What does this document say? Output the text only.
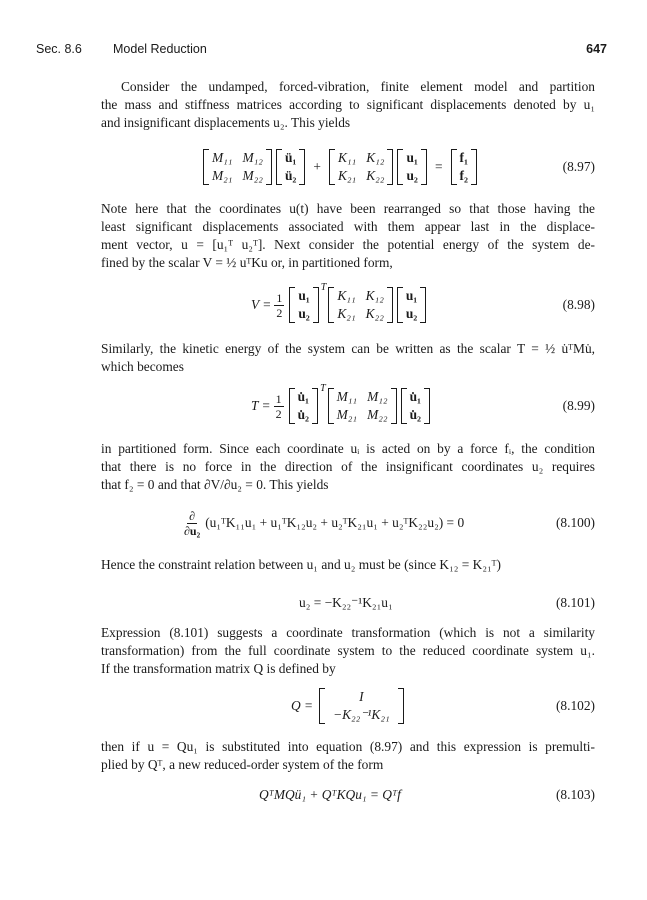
Sec. 8.6 Model Reduction	647

Consider the undamped, forced-vibration, finite element model and partition
the mass and stiffness matrices according to significant displacements denoted by u₁
and insignificant displacements u₂. This yields

M₁₁ M₁₂
M₂₁ M₂₂
ü₁
ü₂
+
K₁₁ K₁₂
K₂₁ K₂₂
u₁
u₂
=
f₁
f₂
(8.97)

Note here that the coordinates u(t) have been rearranged so that those having the
least significant displacements associated with them appear last in the displace-
ment vector, u = [u₁ᵀ u₂ᵀ]. Next consider the potential energy of the system de-
fined by the scalar V = ½ uᵀKu or, in partitioned form,

$V = \frac{1}{2} u_1$
u₂
$^T$
K₁₁ K₁₂
K₂₁ K₂₂
u₁
u₂
(8.98)

Similarly, the kinetic energy of the system can be written as the scalar T = ½ u̇ᵀMu̇,
which becomes

$T = \frac{1}{2}$ u̇₁
u̇₂
$^T$
M₁₁ M₁₂
M₂₁ M₂₂
u̇₁
u̇₂
(8.99)

in partitioned form. Since each coordinate uᵢ is acted on by a force fᵢ, the condition
that there is no force in the direction of the insignificant coordinates u₂ requires
that f₂ = 0 and that ∂V/∂u₂ = 0. This yields

$\frac{\partial}{\text{∂u₂}}$ (u₁ᵀK₁₁u₁ + u₁ᵀK₁₂u₂ + u₂ᵀK₂₁u₁ + u₂ᵀK₂₂u₂) = 0	(8.100)

Hence the constraint relation between u₁ and u₂ must be (since K₁₂ = K₂₁ᵀ)

u₂ = −K₂₂⁻¹K₂₁u₁	(8.101)

Expression (8.101) suggests a coordinate transformation (which is not a similarity
transformation) from the full coordinate system to the reduced coordinate system u₁.
If the transformation matrix Q is defined by

Q =
I
−K₂₂⁻¹K₂₁
(8.102)

then if u = Qu₁ is substituted into equation (8.97) and this expression is premulti-
plied by Qᵀ, a new reduced-order system of the form

QᵀMQü₁ + QᵀKQu₁ = Qᵀf	(8.103)
